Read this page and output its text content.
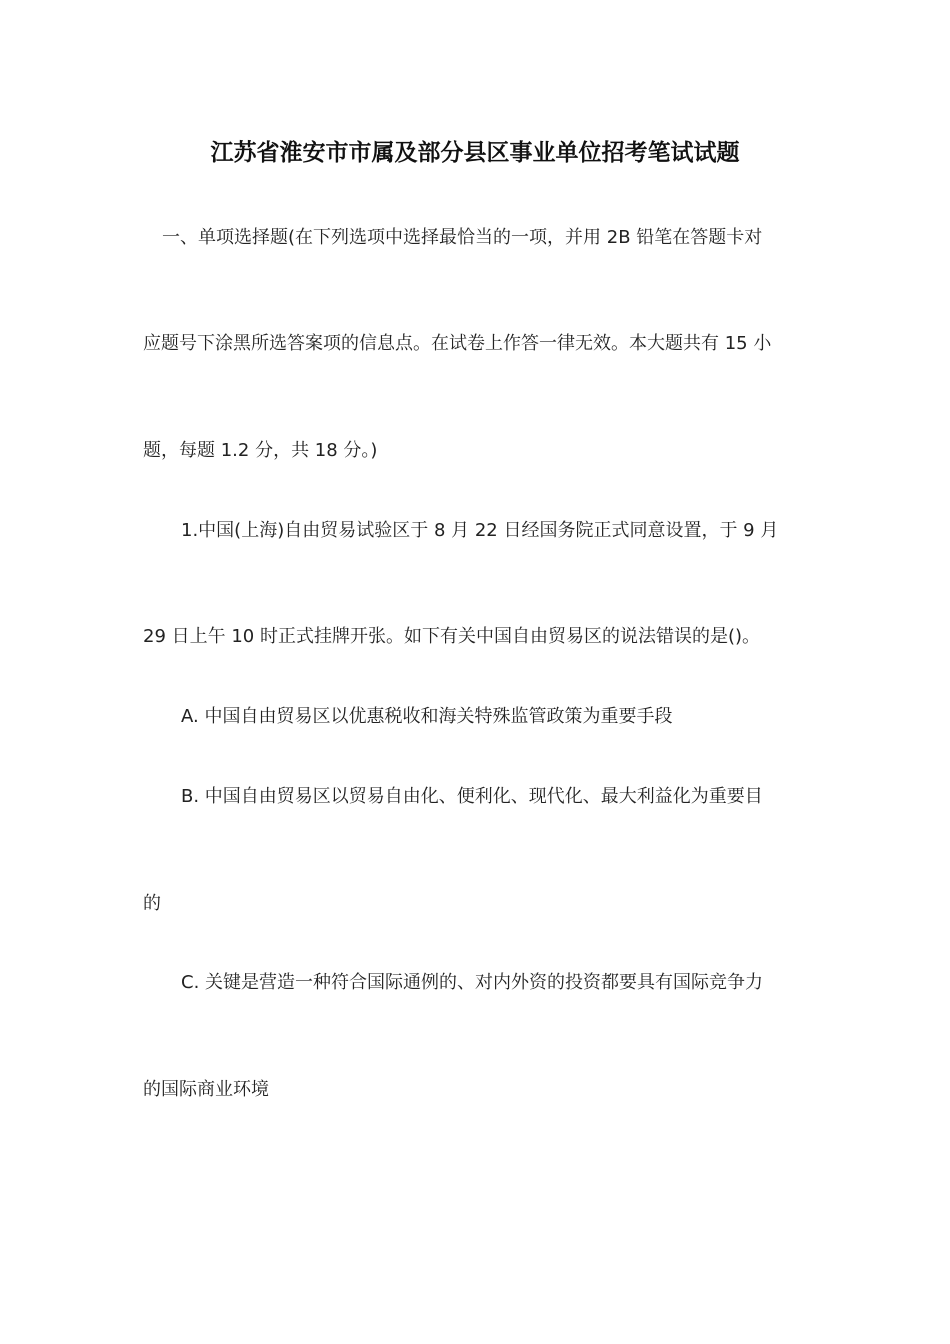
江苏省淮安市市属及部分县区事业单位招考笔试试题
一、单项选择题(在下列选项中选择最恰当的一项，并用 2B 铅笔在答题卡对
应题号下涂黑所选答案项的信息点。在试卷上作答一律无效。本大题共有 15 小
题，每题 1.2 分，共 18 分。)
1.中国(上海)自由贸易试验区于 8 月 22 日经国务院正式同意设置，于 9 月
29 日上午 10 时正式挂牌开张。如下有关中国自由贸易区的说法错误的是()。
A. 中国自由贸易区以优惠税收和海关特殊监管政策为重要手段
B. 中国自由贸易区以贸易自由化、便利化、现代化、最大利益化为重要目
的
C. 关键是营造一种符合国际通例的、对内外资的投资都要具有国际竞争力
的国际商业环境
